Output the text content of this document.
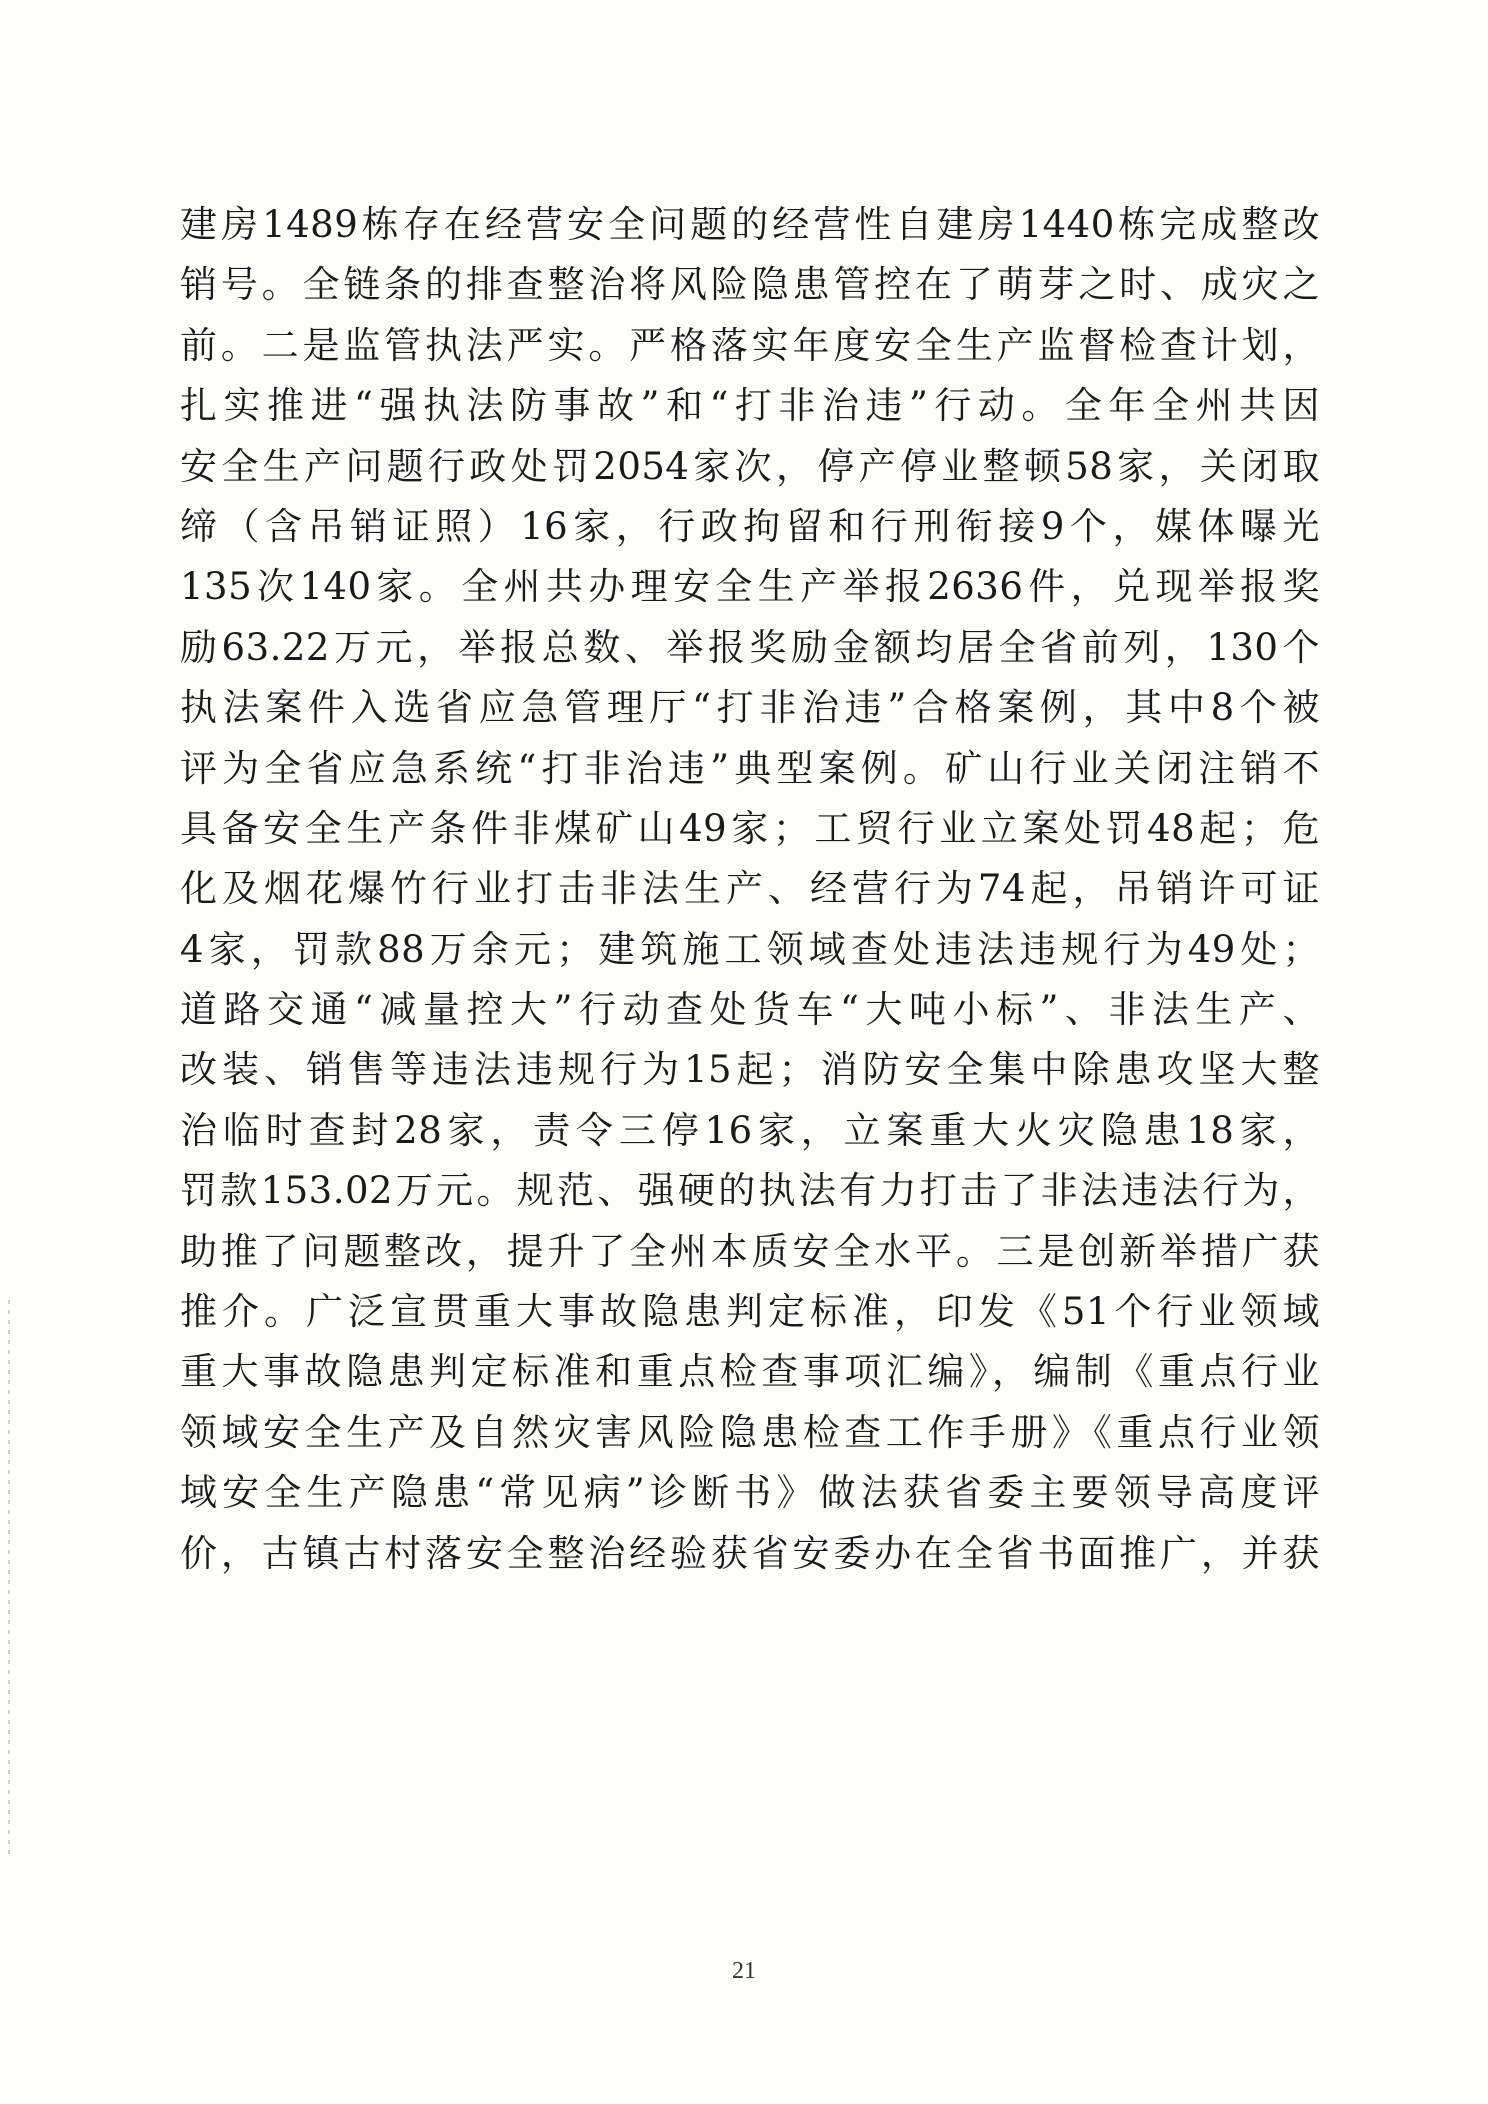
建房1489栋存在经营安全问题的经营性自建房1440栋完成整改
销号。全链条的排查整治将风险隐患管控在了萌芽之时、成灾之
前。二是监管执法严实。严格落实年度安全生产监督检查计划，
扎实推进“强执法防事故”和“打非治违”行动。全年全州共因
安全生产问题行政处罚2054家次，停产停业整顿58家，关闭取
缔（含吊销证照）16家，行政拘留和行刑衔接9个，媒体曝光
135次140家。全州共办理安全生产举报2636件，兑现举报奖
励63.22万元，举报总数、举报奖励金额均居全省前列，130个
执法案件入选省应急管理厅“打非治违”合格案例，其中8个被
评为全省应急系统“打非治违”典型案例。矿山行业关闭注销不
具备安全生产条件非煤矿山49家；工贸行业立案处罚48起；危
化及烟花爆竹行业打击非法生产、经营行为74起，吊销许可证
4家，罚款88万余元；建筑施工领域查处违法违规行为49处；
道路交通“减量控大”行动查处货车“大吨小标”、非法生产、
改装、销售等违法违规行为15起；消防安全集中除患攻坚大整
治临时查封28家，责令三停16家，立案重大火灾隐患18家，
罚款153.02万元。规范、强硬的执法有力打击了非法违法行为，
助推了问题整改，提升了全州本质安全水平。三是创新举措广获
推介。广泛宣贯重大事故隐患判定标准，印发《51个行业领域
重大事故隐患判定标准和重点检查事项汇编》，编制《重点行业
领域安全生产及自然灾害风险隐患检查工作手册》《重点行业领
域安全生产隐患“常见病”诊断书》做法获省委主要领导高度评
价，古镇古村落安全整治经验获省安委办在全省书面推广，并获
21
